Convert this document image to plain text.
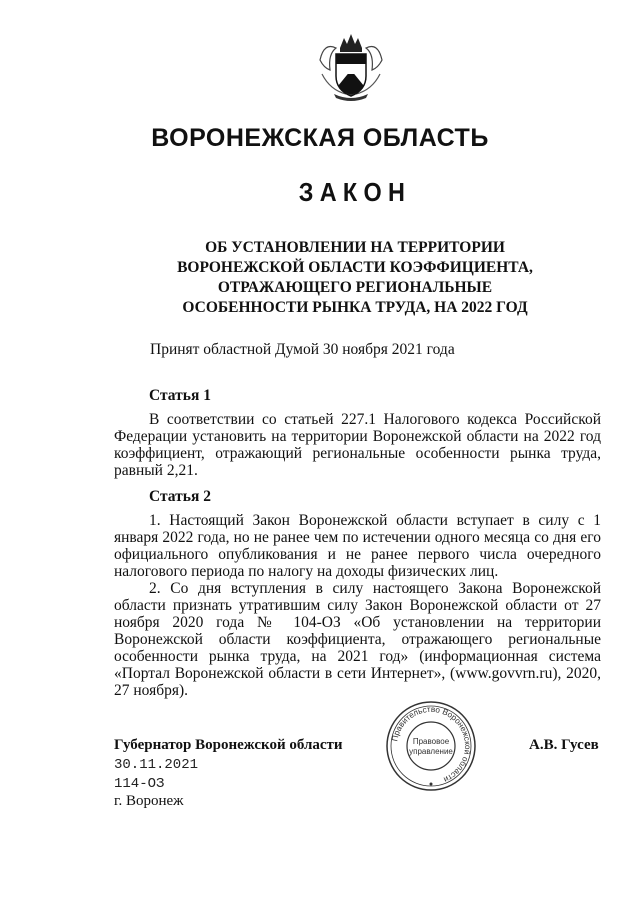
ВОРОНЕЖСКАЯ ОБЛАСТЬ
ЗАКОН
ОБ УСТАНОВЛЕНИИ НА ТЕРРИТОРИИ
ВОРОНЕЖСКОЙ ОБЛАСТИ КОЭФФИЦИЕНТА,
ОТРАЖАЮЩЕГО РЕГИОНАЛЬНЫЕ
ОСОБЕННОСТИ РЫНКА ТРУДА, НА 2022 ГОД
Принят областной Думой 30 ноября 2021 года

Статья 1

В соответствии со статьей 227.1 Налогового кодекса Российской Федерации установить на территории Воронежской области на 2022 год коэффициент, отражающий региональные особенности рынка труда, равный 2,21.

Статья 2

1. Настоящий Закон Воронежской области вступает в силу с 1 января 2022 года, но не ранее чем по истечении одного месяца со дня его официального опубликования и не ранее первого числа очередного налогового периода по налогу на доходы физических лиц.

2. Со дня вступления в силу настоящего Закона Воронежской области признать утратившим силу Закон Воронежской области от 27 ноября 2020 года № 104-ОЗ «Об установлении на территории Воронежской области коэффициента, отражающего региональные особенности рынка труда, на 2021 год» (информационная система «Портал Воронежской области в сети Интернет», (www.govvrn.ru), 2020, 27 ноября).

Губернатор Воронежской области	А.В. Гусев
Правительство Воронежской области
Правовое
управление
30.11.2021
114-ОЗ
г. Воронеж
